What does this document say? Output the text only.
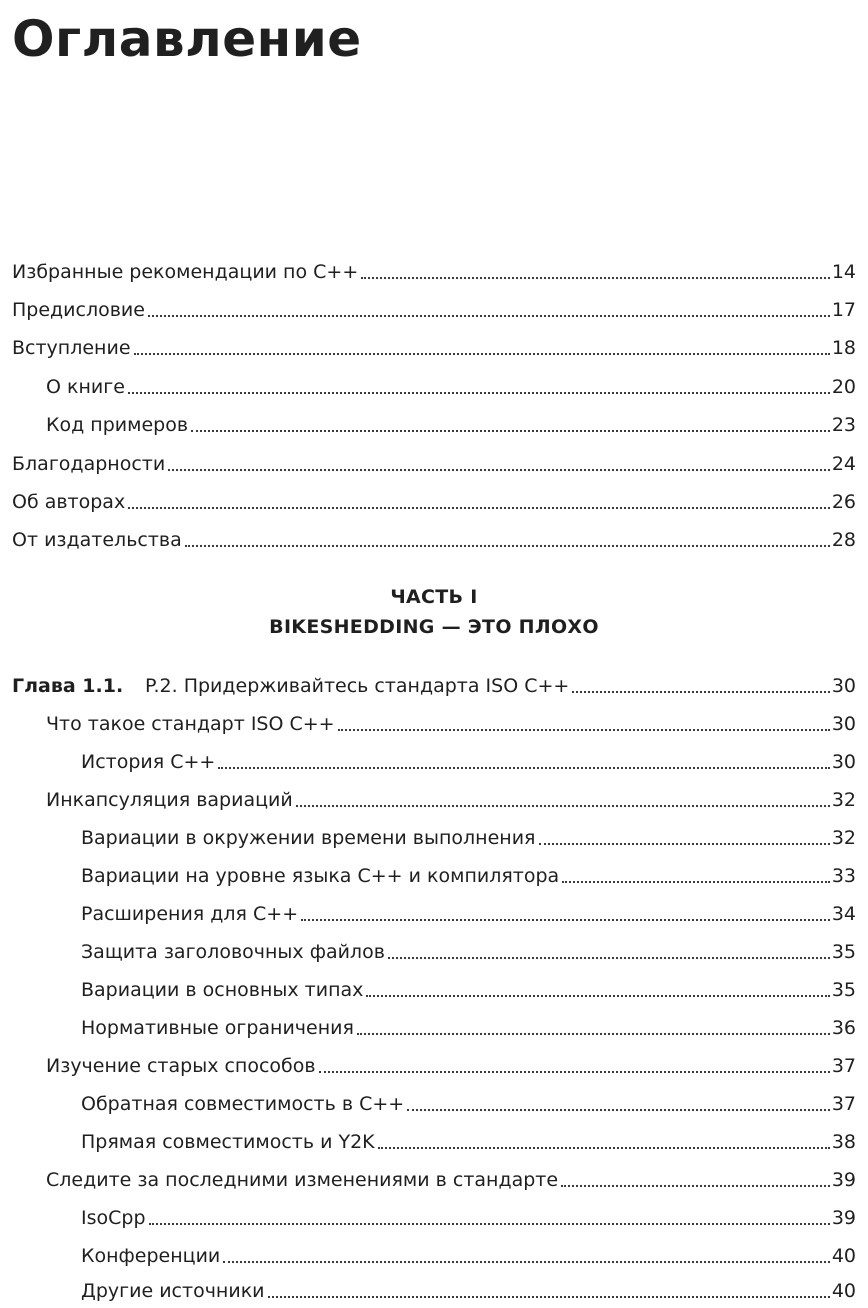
Оглавление
Избранные рекомендации по C++	14
Предисловие	17
Вступление	18
О книге	20
Код примеров	23
Благодарности	24
Об авторах	26
От издательства	28
ЧАСТЬ I
BIKESHEDDING — ЭТО ПЛОХО
Глава 1.1.	P.2. Придерживайтесь стандарта ISO C++	30
Что такое стандарт ISO C++	30
История C++	30
Инкапсуляция вариаций	32
Вариации в окружении времени выполнения	32
Вариации на уровне языка C++ и компилятора	33
Расширения для C++	34
Защита заголовочных файлов	35
Вариации в основных типах	35
Нормативные ограничения	36
Изучение старых способов	37
Обратная совместимость в C++	37
Прямая совместимость и Y2K	38
Следите за последними изменениями в стандарте	39
IsoCpp	39
Конференции	40
Другие источники	40
